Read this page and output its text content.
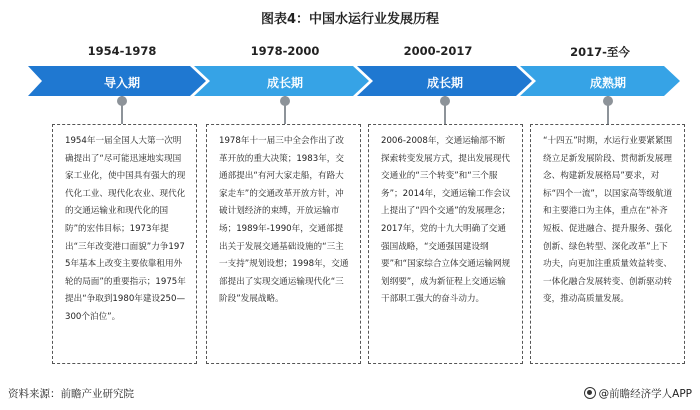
图表4：中国水运行业发展历程
1954-1978	1978-2000	2000-2017	2017-至今
导入期	成长期	成长期	成熟期
1954年一届全国人大第一次明确提出了“尽可能迅速地实现国家工业化，使中国具有强大的现代化工业、现代化农业、现代化的交通运输业和现代化的国防”的宏伟目标；1973年提出“三年改变港口面貌”力争1975年基本上改变主要依靠租用外轮的局面”的重要指示；1975年提出“争取到1980年建设250—300个泊位”。
1978年十一届三中全会作出了改革开放的重大决策；1983年，交通部提出“有河大家走船，有路大家走车”的交通改革开放方针，冲破计划经济的束缚，开放运输市场；1989年-1990年，交通部提出关于发展交通基础设施的“三主一支持”规划设想；1998年，交通部提出了实现交通运输现代化“三阶段”发展战略。
2006-2008年，交通运输部不断探索转变发展方式，提出发展现代交通业的“三个转变”和“三个服务”；2014年，交通运输工作会议上提出了“四个交通”的发展理念；2017年，党的十九大明确了交通强国战略，“交通强国建设纲要”和“国家综合立体交通运输网规划纲要”，成为新征程上交通运输干部职工强大的奋斗动力。
“十四五”时期，水运行业要紧紧围绕立足新发展阶段、贯彻新发展理念、构建新发展格局”要求，对标“四个一流”，以国家高等级航道和主要港口为主体，重点在“补齐短板、促进融合、提升服务、强化创新、绿色转型、深化改革”上下功夫，向更加注重质量效益转变、一体化融合发展转变、创新驱动转变，推动高质量发展。
资料来源：前瞻产业研究院	@前瞻经济学人APP
